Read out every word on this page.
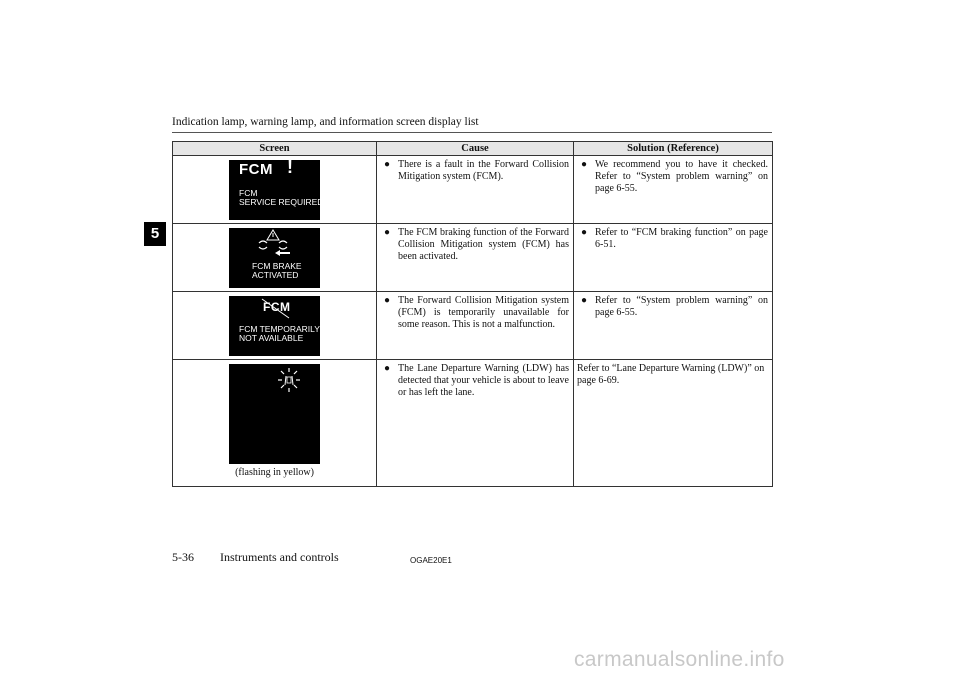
Indication lamp, warning lamp, and information screen display list
5
Screen	Cause	Solution (Reference)

FCM !
FCM
SERVICE REQUIRED	● There is a fault in the Forward Collision Mitigation system (FCM).	● We recommend you to have it checked. Refer to “System problem warning” on page 6-55.

FCM BRAKE
ACTIVATED	● The FCM braking function of the Forward Collision Mitigation system (FCM) has been activated.	● Refer to “FCM braking function” on page 6-51.

FCM
FCM TEMPORARILY
NOT AVAILABLE	● The Forward Collision Mitigation system (FCM) is temporarily unavailable for some reason. This is not a malfunction.	● Refer to “System problem warning” on page 6-55.

(flashing in yellow)	● The Lane Departure Warning (LDW) has detected that your vehicle is about to leave or has left the lane.	Refer to “Lane Departure Warning (LDW)” on page 6-69.
5-36 Instruments and controls	OGAE20E1
carmanualsonline.info
